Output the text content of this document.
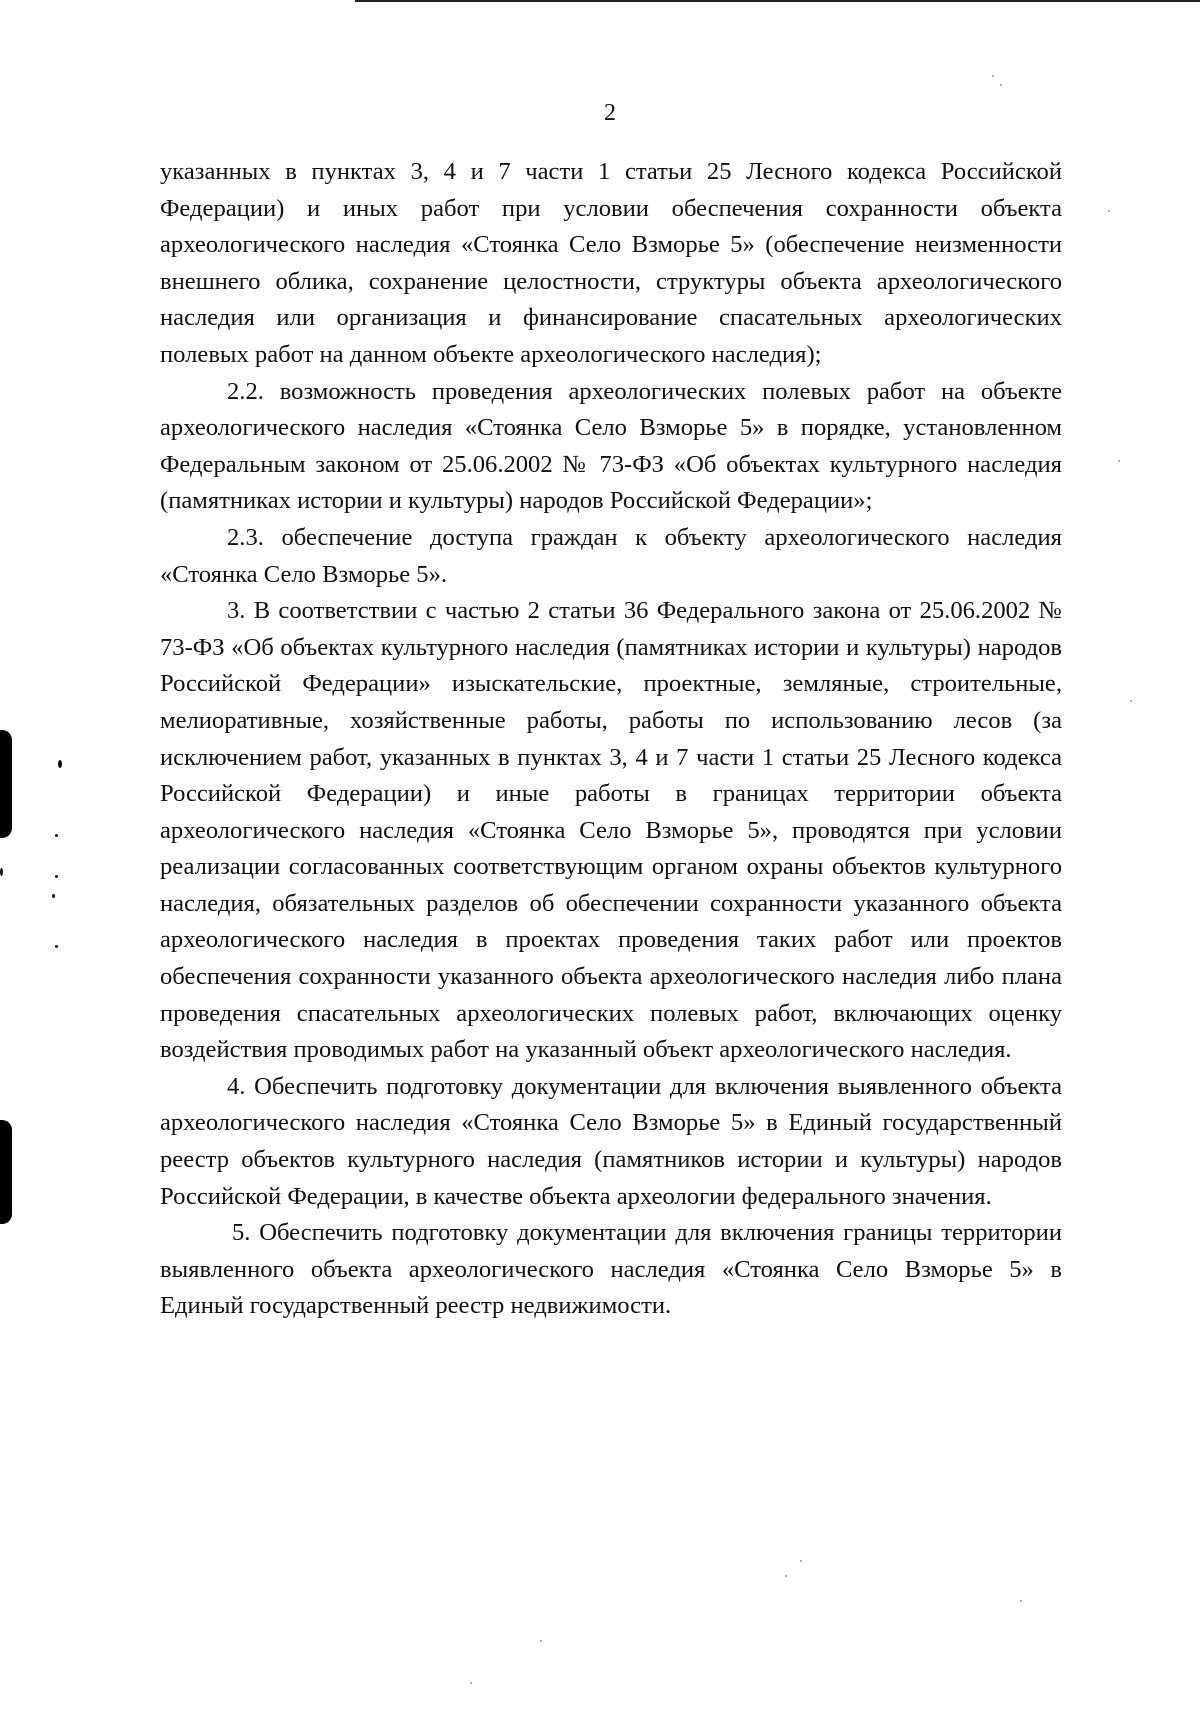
2

указанных в пунктах 3, 4 и 7 части 1 статьи 25 Лесного кодекса Российской Федерации) и иных работ при условии обеспечения сохранности объекта археологического наследия «Стоянка Село Взморье 5» (обеспечение неизменности внешнего облика, сохранение целостности, структуры объекта археологического наследия или организация и финансирование спасательных археологических полевых работ на данном объекте археологического наследия);

2.2. возможность проведения археологических полевых работ на объекте археологического наследия «Стоянка Село Взморье 5» в порядке, установленном Федеральным законом от 25.06.2002 № 73-ФЗ «Об объектах культурного наследия (памятниках истории и культуры) народов Российской Федерации»;

2.3. обеспечение доступа граждан к объекту археологического наследия «Стоянка Село Взморье 5».

3. В соответствии с частью 2 статьи 36 Федерального закона от 25.06.2002 № 73-ФЗ «Об объектах культурного наследия (памятниках истории и культуры) народов Российской Федерации» изыскательские, проектные, земляные, строительные, мелиоративные, хозяйственные работы, работы по использованию лесов (за исключением работ, указанных в пунктах 3, 4 и 7 части 1 статьи 25 Лесного кодекса Российской Федерации) и иные работы в границах территории объекта археологического наследия «Стоянка Село Взморье 5», проводятся при условии реализации согласованных соответствующим органом охраны объектов культурного наследия, обязательных разделов об обеспечении сохранности указанного объекта археологического наследия в проектах проведения таких работ или проектов обеспечения сохранности указанного объекта археологического наследия либо плана проведения спасательных археологических полевых работ, включающих оценку воздействия проводимых работ на указанный объект археологического наследия.

4. Обеспечить подготовку документации для включения выявленного объекта археологического наследия «Стоянка Село Взморье 5» в Единый государственный реестр объектов культурного наследия (памятников истории и культуры) народов Российской Федерации, в качестве объекта археологии федерального значения.

5. Обеспечить подготовку документации для включения границы территории выявленного объекта археологического наследия «Стоянка Село Взморье 5» в Единый государственный реестр недвижимости.
